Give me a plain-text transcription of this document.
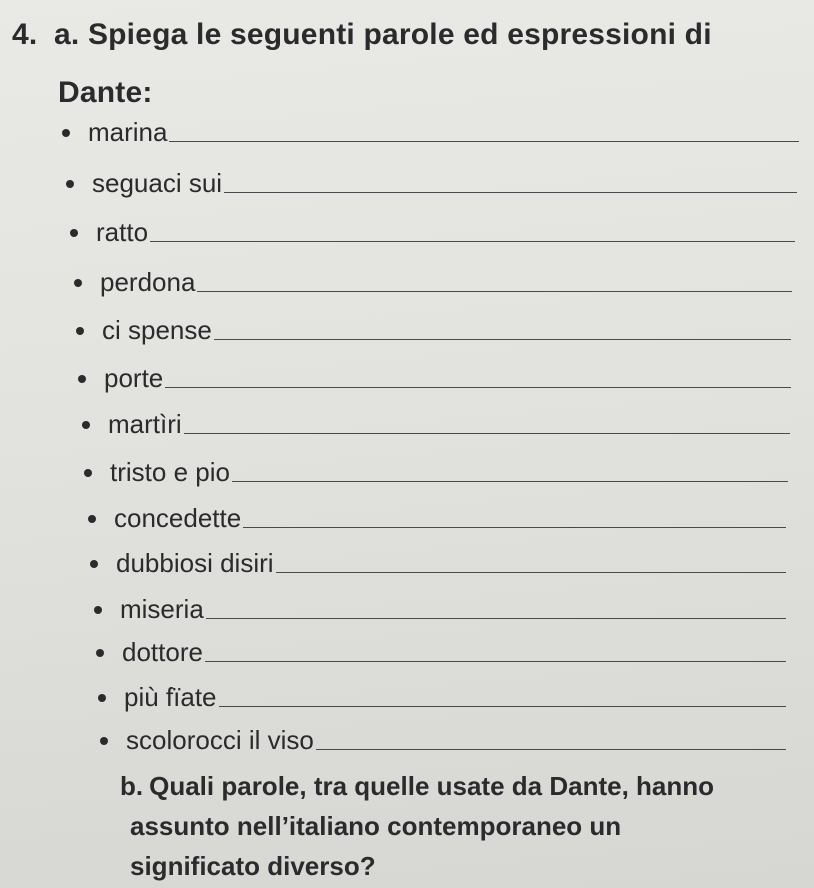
4. a. Spiega le seguenti parole ed espressioni di
Dante:
marina
seguaci sui
ratto
perdona
ci spense
porte
martìri
tristo e pio
concedette
dubbiosi disiri
miseria
dottore
più fïate
scolorocci il viso
b. Quali parole, tra quelle usate da Dante, hanno
assunto nell’italiano contemporaneo un
significato diverso?
